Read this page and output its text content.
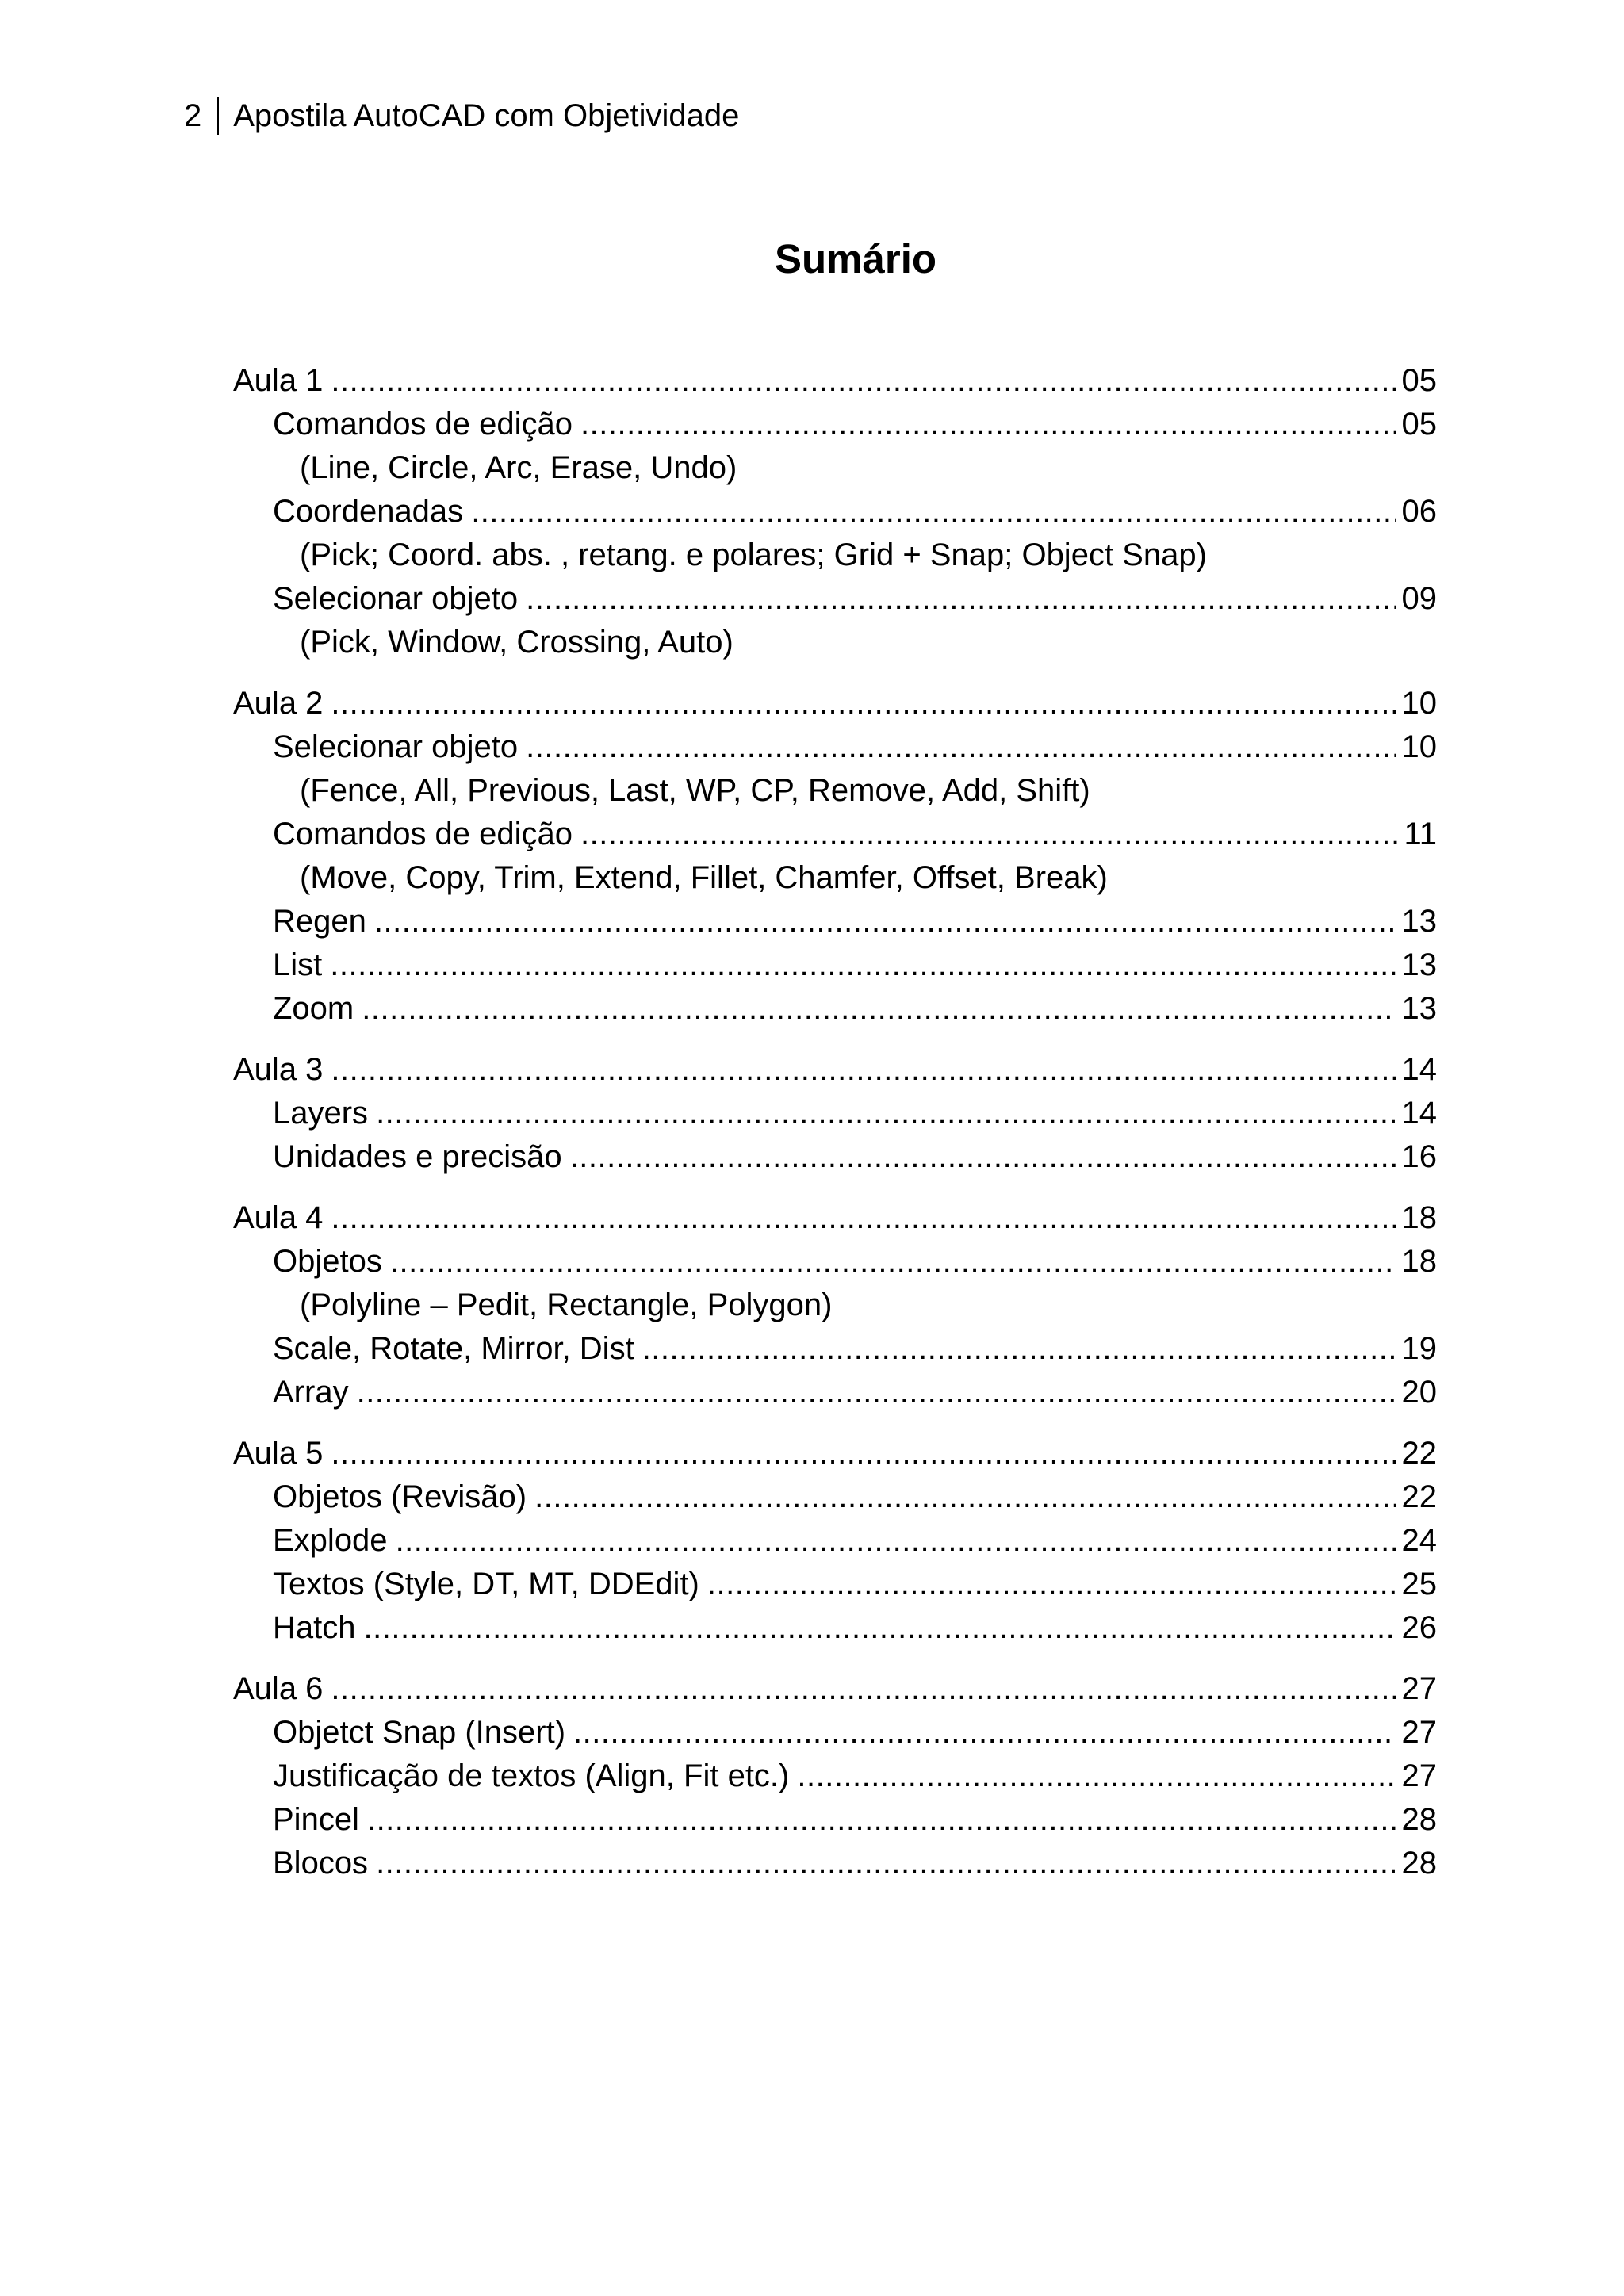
2 Apostila AutoCAD com Objetividade
Sumário
Aula 1 .....	05
Comandos de edição .....	05
(Line, Circle, Arc, Erase, Undo)
Coordenadas .....	06
(Pick; Coord. abs. , retang. e polares; Grid + Snap; Object Snap)
Selecionar objeto .....	09
(Pick, Window, Crossing, Auto)
Aula 2 .....	10
Selecionar objeto .....	10
(Fence, All, Previous, Last, WP, CP, Remove, Add, Shift)
Comandos de edição .....	11
(Move, Copy, Trim, Extend, Fillet, Chamfer, Offset, Break)
Regen .....	13
List .....	13
Zoom .....	13
Aula 3 .....	14
Layers .....	14
Unidades e precisão .....	16
Aula 4 .....	18
Objetos .....	18
(Polyline – Pedit, Rectangle, Polygon)
Scale, Rotate, Mirror, Dist .....	19
Array .....	20
Aula 5 .....	22
Objetos (Revisão) .....	22
Explode .....	24
Textos (Style, DT, MT, DDEdit) .....	25
Hatch .....	26
Aula 6 .....	27
Objetct Snap (Insert) .....	27
Justificação de textos (Align, Fit etc.) .....	27
Pincel .....	28
Blocos .....	28
